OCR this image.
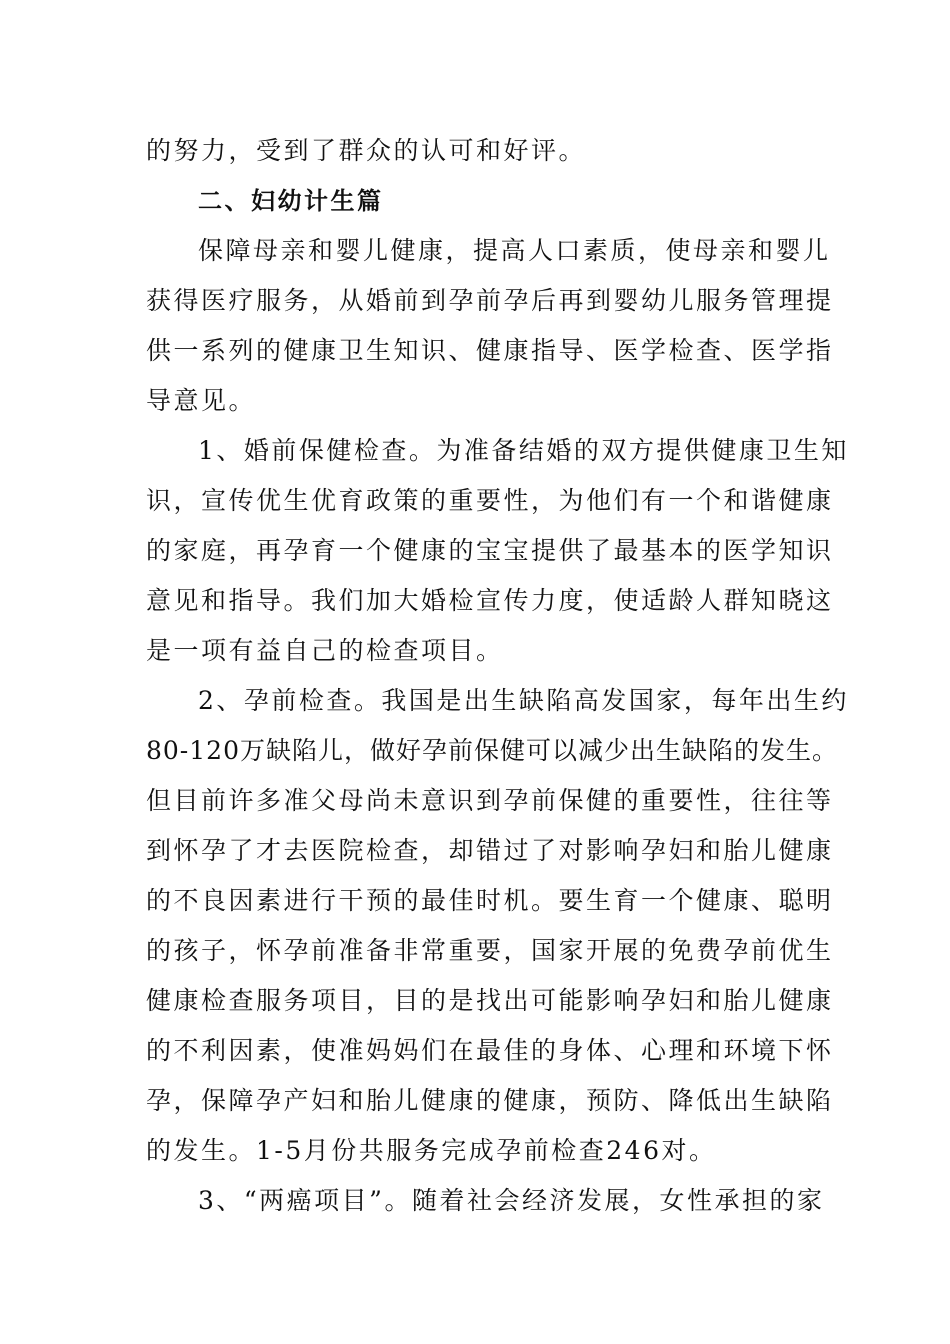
的努力，受到了群众的认可和好评。

二、妇幼计生篇

保障母亲和婴儿健康，提高人口素质，使母亲和婴儿

获得医疗服务，从婚前到孕前孕后再到婴幼儿服务管理提

供一系列的健康卫生知识、健康指导、医学检查、医学指

导意见。

1、婚前保健检查。为准备结婚的双方提供健康卫生知

识，宣传优生优育政策的重要性，为他们有一个和谐健康

的家庭，再孕育一个健康的宝宝提供了最基本的医学知识

意见和指导。我们加大婚检宣传力度，使适龄人群知晓这

是一项有益自己的检查项目。

2、孕前检查。我国是出生缺陷高发国家，每年出生约

80-120万缺陷儿，做好孕前保健可以减少出生缺陷的发生。

但目前许多准父母尚未意识到孕前保健的重要性，往往等

到怀孕了才去医院检查，却错过了对影响孕妇和胎儿健康

的不良因素进行干预的最佳时机。要生育一个健康、聪明

的孩子，怀孕前准备非常重要，国家开展的免费孕前优生

健康检查服务项目，目的是找出可能影响孕妇和胎儿健康

的不利因素，使准妈妈们在最佳的身体、心理和环境下怀

孕，保障孕产妇和胎儿健康的健康，预防、降低出生缺陷

的发生。1-5月份共服务完成孕前检查246对。

3、“两癌项目”。随着社会经济发展，女性承担的家
